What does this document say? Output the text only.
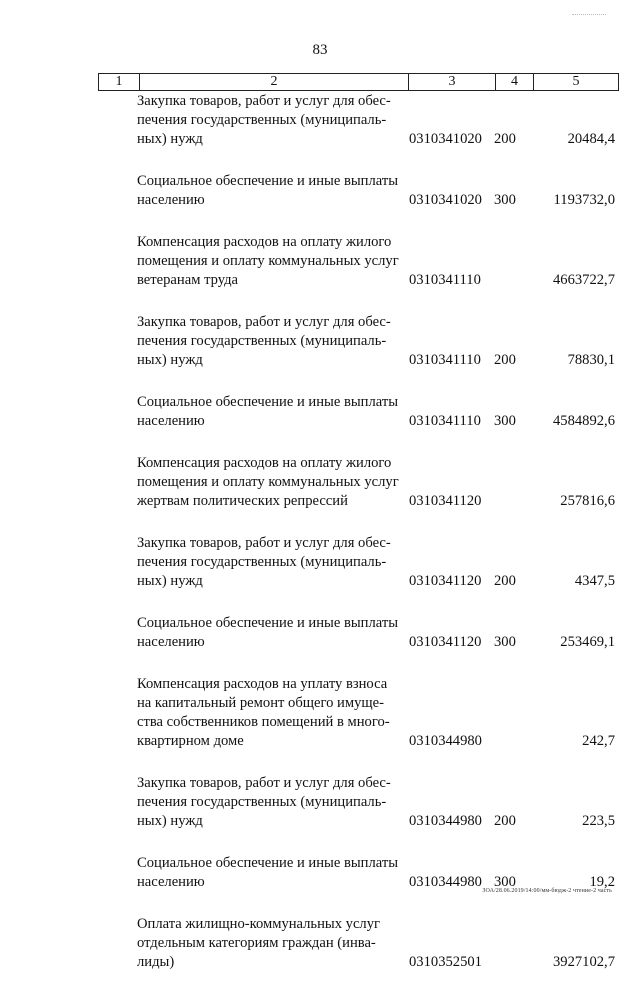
83
1	2	3	4	5
Закупка товаров, работ и услуг для обес-
печения государственных (муниципаль-
ных) нужд	0310341020 200	20484,4
Социальное обеспечение и иные выплаты
населению	0310341020 300	1193732,0
Компенсация расходов на оплату жилого
помещения и оплату коммунальных услуг
ветеранам труда	0310341110	4663722,7
Закупка товаров, работ и услуг для обес-
печения государственных (муниципаль-
ных) нужд	0310341110 200	78830,1
Социальное обеспечение и иные выплаты
населению	0310341110 300	4584892,6
Компенсация расходов на оплату жилого
помещения и оплату коммунальных услуг
жертвам политических репрессий	0310341120	257816,6
Закупка товаров, работ и услуг для обес-
печения государственных (муниципаль-
ных) нужд	0310341120 200	4347,5
Социальное обеспечение и иные выплаты
населению	0310341120 300	253469,1
Компенсация расходов на уплату взноса
на капитальный ремонт общего имуще-
ства собственников помещений в много-
квартирном доме	0310344980	242,7
Закупка товаров, работ и услуг для обес-
печения государственных (муниципаль-
ных) нужд	0310344980 200	223,5
Социальное обеспечение и иные выплаты
населению	0310344980 300	19,2
Оплата жилищно-коммунальных услуг
отдельным категориям граждан (инва-
лиды)	0310352501	3927102,7
ЗОА/28.06.2019/14:00/мм-бюдж-2 чтение-2 часть
